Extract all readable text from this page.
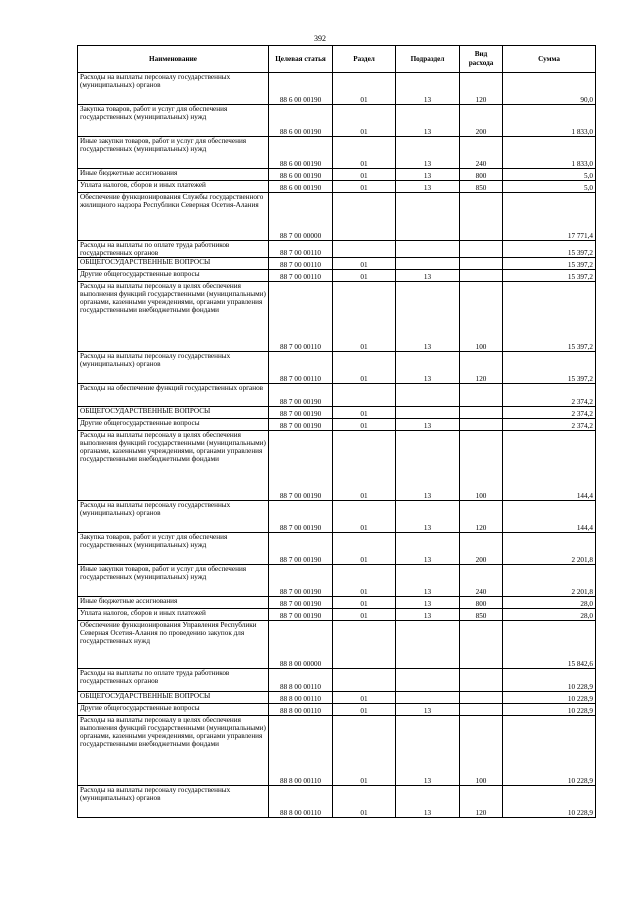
392
Наименование	Целевая статья	Раздел	Подраздел	Вид расхода	Сумма
Расходы на выплаты персоналу государственных (муниципальных) органов	88 6 00 00190	01	13	120	90,0
Закупка товаров, работ и услуг для обеспечения государственных (муниципальных) нужд	88 6 00 00190	01	13	200	1 833,0
Иные закупки товаров, работ и услуг для обеспечения государственных (муниципальных) нужд	88 6 00 00190	01	13	240	1 833,0
Иные бюджетные ассигнования	88 6 00 00190	01	13	800	5,0
Уплата налогов, сборов и иных платежей	88 6 00 00190	01	13	850	5,0
Обеспечение функционирования Службы государственного жилищного надзора Республики Северная Осетия-Алания	88 7 00 00000				17 771,4
Расходы на выплаты по оплате труда работников государственных органов	88 7 00 00110				15 397,2
ОБЩЕГОСУДАРСТВЕННЫЕ ВОПРОСЫ	88 7 00 00110	01			15 397,2
Другие общегосударственные вопросы	88 7 00 00110	01	13		15 397,2
Расходы на выплаты персоналу в целях обеспечения выполнения функций государственными (муниципальными) органами, казенными учреждениями, органами управления государственными внебюджетными фондами	88 7 00 00110	01	13	100	15 397,2
Расходы на выплаты персоналу государственных (муниципальных) органов	88 7 00 00110	01	13	120	15 397,2
Расходы на обеспечение функций государственных органов	88 7 00 00190				2 374,2
ОБЩЕГОСУДАРСТВЕННЫЕ ВОПРОСЫ	88 7 00 00190	01			2 374,2
Другие общегосударственные вопросы	88 7 00 00190	01	13		2 374,2
Расходы на выплаты персоналу в целях обеспечения выполнения функций государственными (муниципальными) органами, казенными учреждениями, органами управления государственными внебюджетными фондами	88 7 00 00190	01	13	100	144,4
Расходы на выплаты персоналу государственных (муниципальных) органов	88 7 00 00190	01	13	120	144,4
Закупка товаров, работ и услуг для обеспечения государственных (муниципальных) нужд	88 7 00 00190	01	13	200	2 201,8
Иные закупки товаров, работ и услуг для обеспечения государственных (муниципальных) нужд	88 7 00 00190	01	13	240	2 201,8
Иные бюджетные ассигнования	88 7 00 00190	01	13	800	28,0
Уплата налогов, сборов и иных платежей	88 7 00 00190	01	13	850	28,0
Обеспечение функционирования Управления Республики Северная Осетия-Алания по проведению закупок для государственных нужд	88 8 00 00000				15 842,6
Расходы на выплаты по оплате труда работников государственных органов	88 8 00 00110				10 228,9
ОБЩЕГОСУДАРСТВЕННЫЕ ВОПРОСЫ	88 8 00 00110	01			10 228,9
Другие общегосударственные вопросы	88 8 00 00110	01	13		10 228,9
Расходы на выплаты персоналу в целях обеспечения выполнения функций государственными (муниципальными) органами, казенными учреждениями, органами управления государственными внебюджетными фондами	88 8 00 00110	01	13	100	10 228,9
Расходы на выплаты персоналу государственных (муниципальных) органов	88 8 00 00110	01	13	120	10 228,9
